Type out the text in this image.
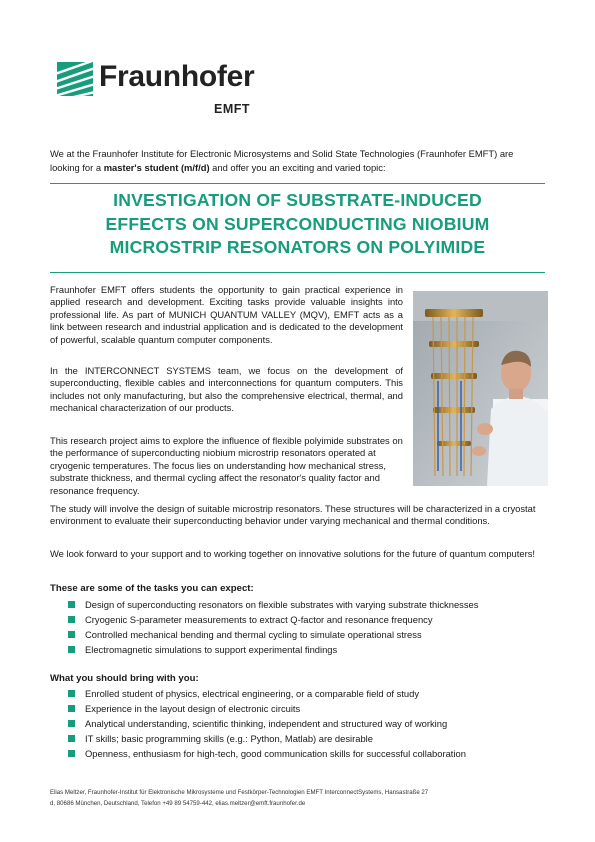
Fraunhofer
EMFT
We at the Fraunhofer Institute for Electronic Microsystems and Solid State Technologies (Fraunhofer EMFT) are looking for a master's student (m/f/d) and offer you an exciting and varied topic:
INVESTIGATION OF SUBSTRATE-INDUCED
EFFECTS ON SUPERCONDUCTING NIOBIUM
MICROSTRIP RESONATORS ON POLYIMIDE
Fraunhofer EMFT offers students the opportunity to gain practical experience in applied research and development. Exciting tasks provide valuable insights into professional life. As part of MUNICH QUANTUM VALLEY (MQV), EMFT acts as a link between research and industrial application and is dedicated to the development of powerful, scalable quantum computer components.
In the INTERCONNECT SYSTEMS team, we focus on the development of superconducting, flexible cables and interconnections for quantum computers. This includes not only manufacturing, but also the comprehensive electrical, thermal, and mechanical characterization of our products.
This research project aims to explore the influence of flexible polyimide substrates on the performance of superconducting niobium microstrip resonators operated at cryogenic temperatures. The focus lies on understanding how mechanical stress, substrate thickness, and thermal cycling affect the resonator's quality factor and resonance frequency.
The study will involve the design of suitable microstrip resonators. These structures will be characterized in a cryostat environment to evaluate their superconducting behavior under varying mechanical and thermal conditions.
We look forward to your support and to working together on innovative solutions for the future of quantum computers!
These are some of the tasks you can expect:
Design of superconducting resonators on flexible substrates with varying substrate thicknesses
Cryogenic S-parameter measurements to extract Q-factor and resonance frequency
Controlled mechanical bending and thermal cycling to simulate operational stress
Electromagnetic simulations to support experimental findings
What you should bring with you:
Enrolled student of physics, electrical engineering, or a comparable field of study
Experience in the layout design of electronic circuits
Analytical understanding, scientific thinking, independent and structured way of working
IT skills; basic programming skills (e.g.: Python, Matlab) are desirable
Openness, enthusiasm for high-tech, good communication skills for successful collaboration
Elias Meltzer, Fraunhofer-Institut für Elektronische Mikrosysteme und Festkörper-Technologien EMFT InterconnectSystems, Hansastraße 27
d, 80686 München, Deutschland, Telefon +49 89 54759-442, elias.meltzer@emft.fraunhofer.de
